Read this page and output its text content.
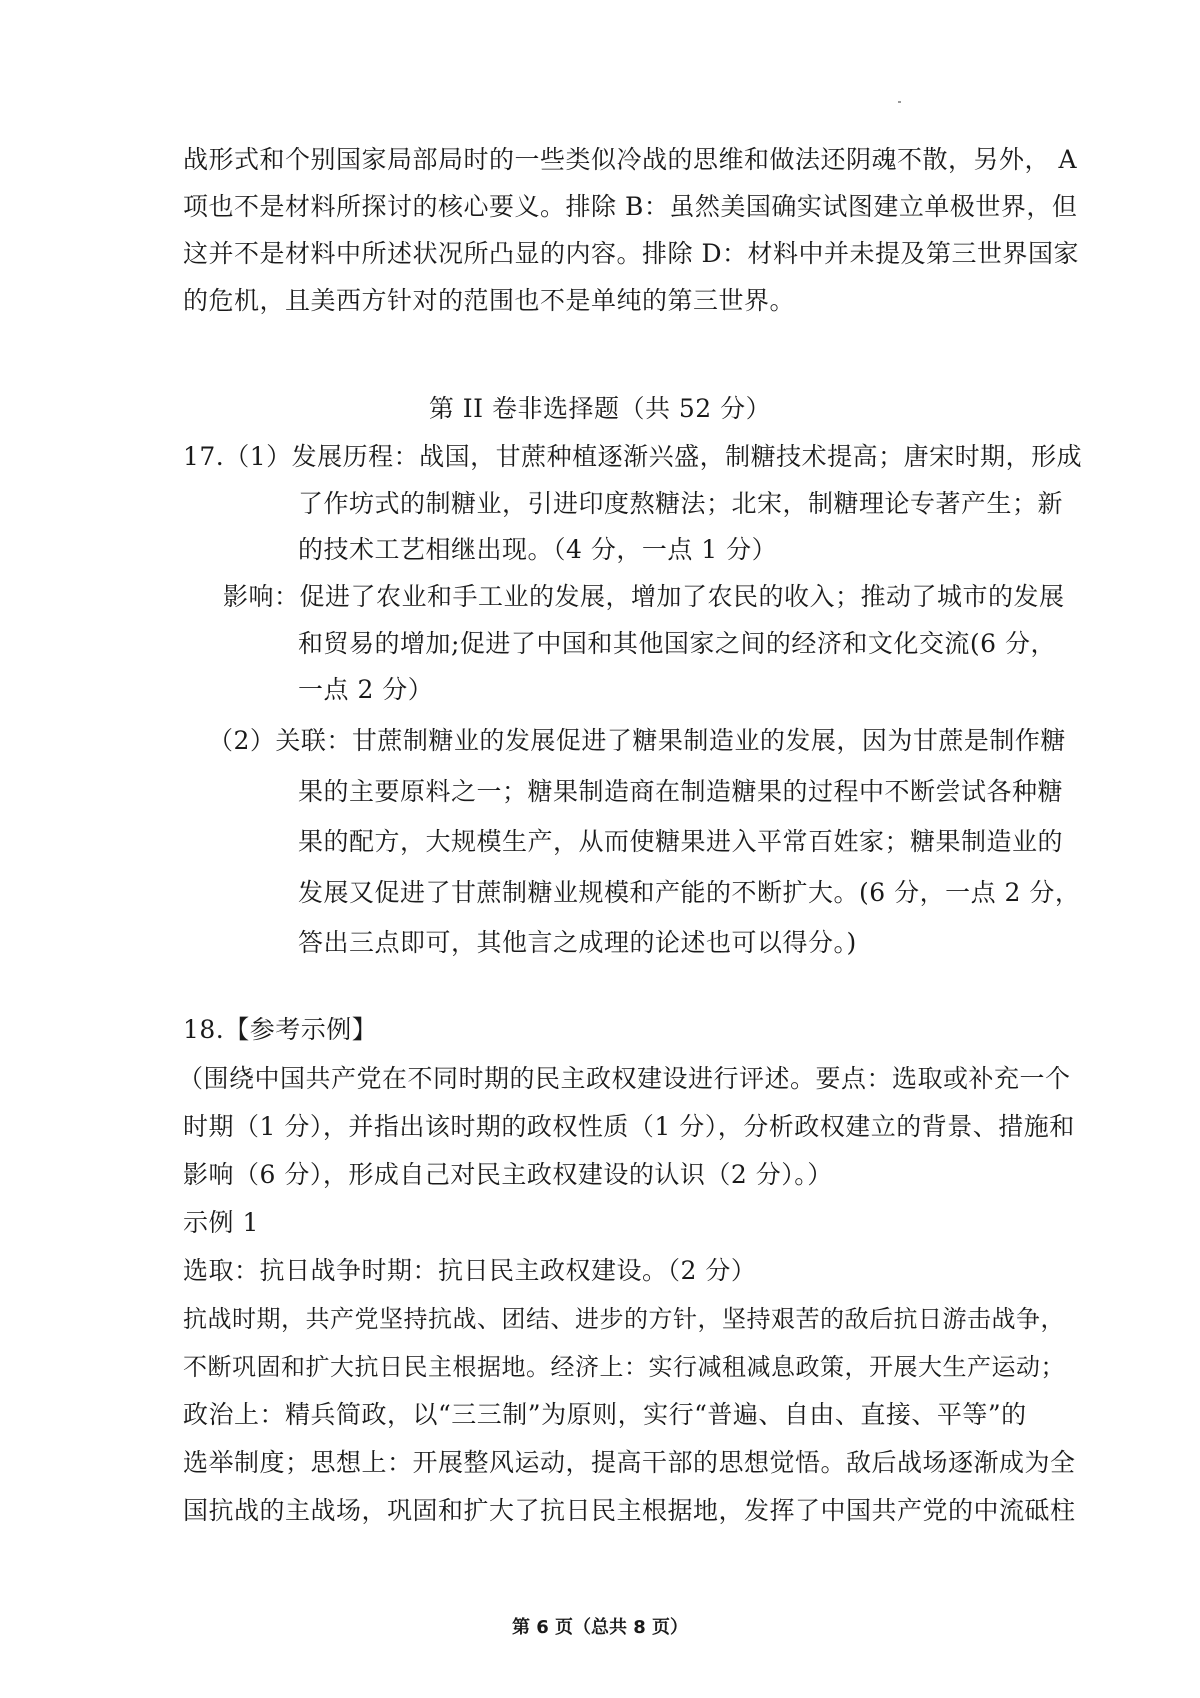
战形式和个别国家局部局时的一些类似冷战的思维和做法还阴魂不散，另外， A
项也不是材料所探讨的核心要义。排除 B：虽然美国确实试图建立单极世界，但
这并不是材料中所述状况所凸显的内容。排除 D：材料中并未提及第三世界国家
的危机，且美西方针对的范围也不是单纯的第三世界。
第 II 卷非选择题（共 52 分）
17.（1）发展历程：战国，甘蔗种植逐渐兴盛，制糖技术提高；唐宋时期，形成
了作坊式的制糖业，引进印度熬糖法；北宋，制糖理论专著产生；新
的技术工艺相继出现。（4 分，一点 1 分）
影响：促进了农业和手工业的发展，增加了农民的收入；推动了城市的发展
和贸易的增加;促进了中国和其他国家之间的经济和文化交流(6 分，
一点 2 分）
（2）关联：甘蔗制糖业的发展促进了糖果制造业的发展，因为甘蔗是制作糖
果的主要原料之一；糖果制造商在制造糖果的过程中不断尝试各种糖
果的配方，大规模生产，从而使糖果进入平常百姓家；糖果制造业的
发展又促进了甘蔗制糖业规模和产能的不断扩大。(6 分，一点 2 分，
答出三点即可，其他言之成理的论述也可以得分。)
18.【参考示例】
（围绕中国共产党在不同时期的民主政权建设进行评述。要点：选取或补充一个
时期（1 分），并指出该时期的政权性质（1 分），分析政权建立的背景、措施和
影响（6 分），形成自己对民主政权建设的认识（2 分）。）
示例 1
选取：抗日战争时期：抗日民主政权建设。（2 分）
抗战时期，共产党坚持抗战、团结、进步的方针，坚持艰苦的敌后抗日游击战争，
不断巩固和扩大抗日民主根据地。经济上：实行减租减息政策，开展大生产运动；
政治上：精兵简政，以“三三制”为原则，实行“普遍、自由、直接、平等”的
选举制度；思想上：开展整风运动，提高干部的思想觉悟。敌后战场逐渐成为全
国抗战的主战场，巩固和扩大了抗日民主根据地，发挥了中国共产党的中流砥柱
第 6 页（总共 8 页）
